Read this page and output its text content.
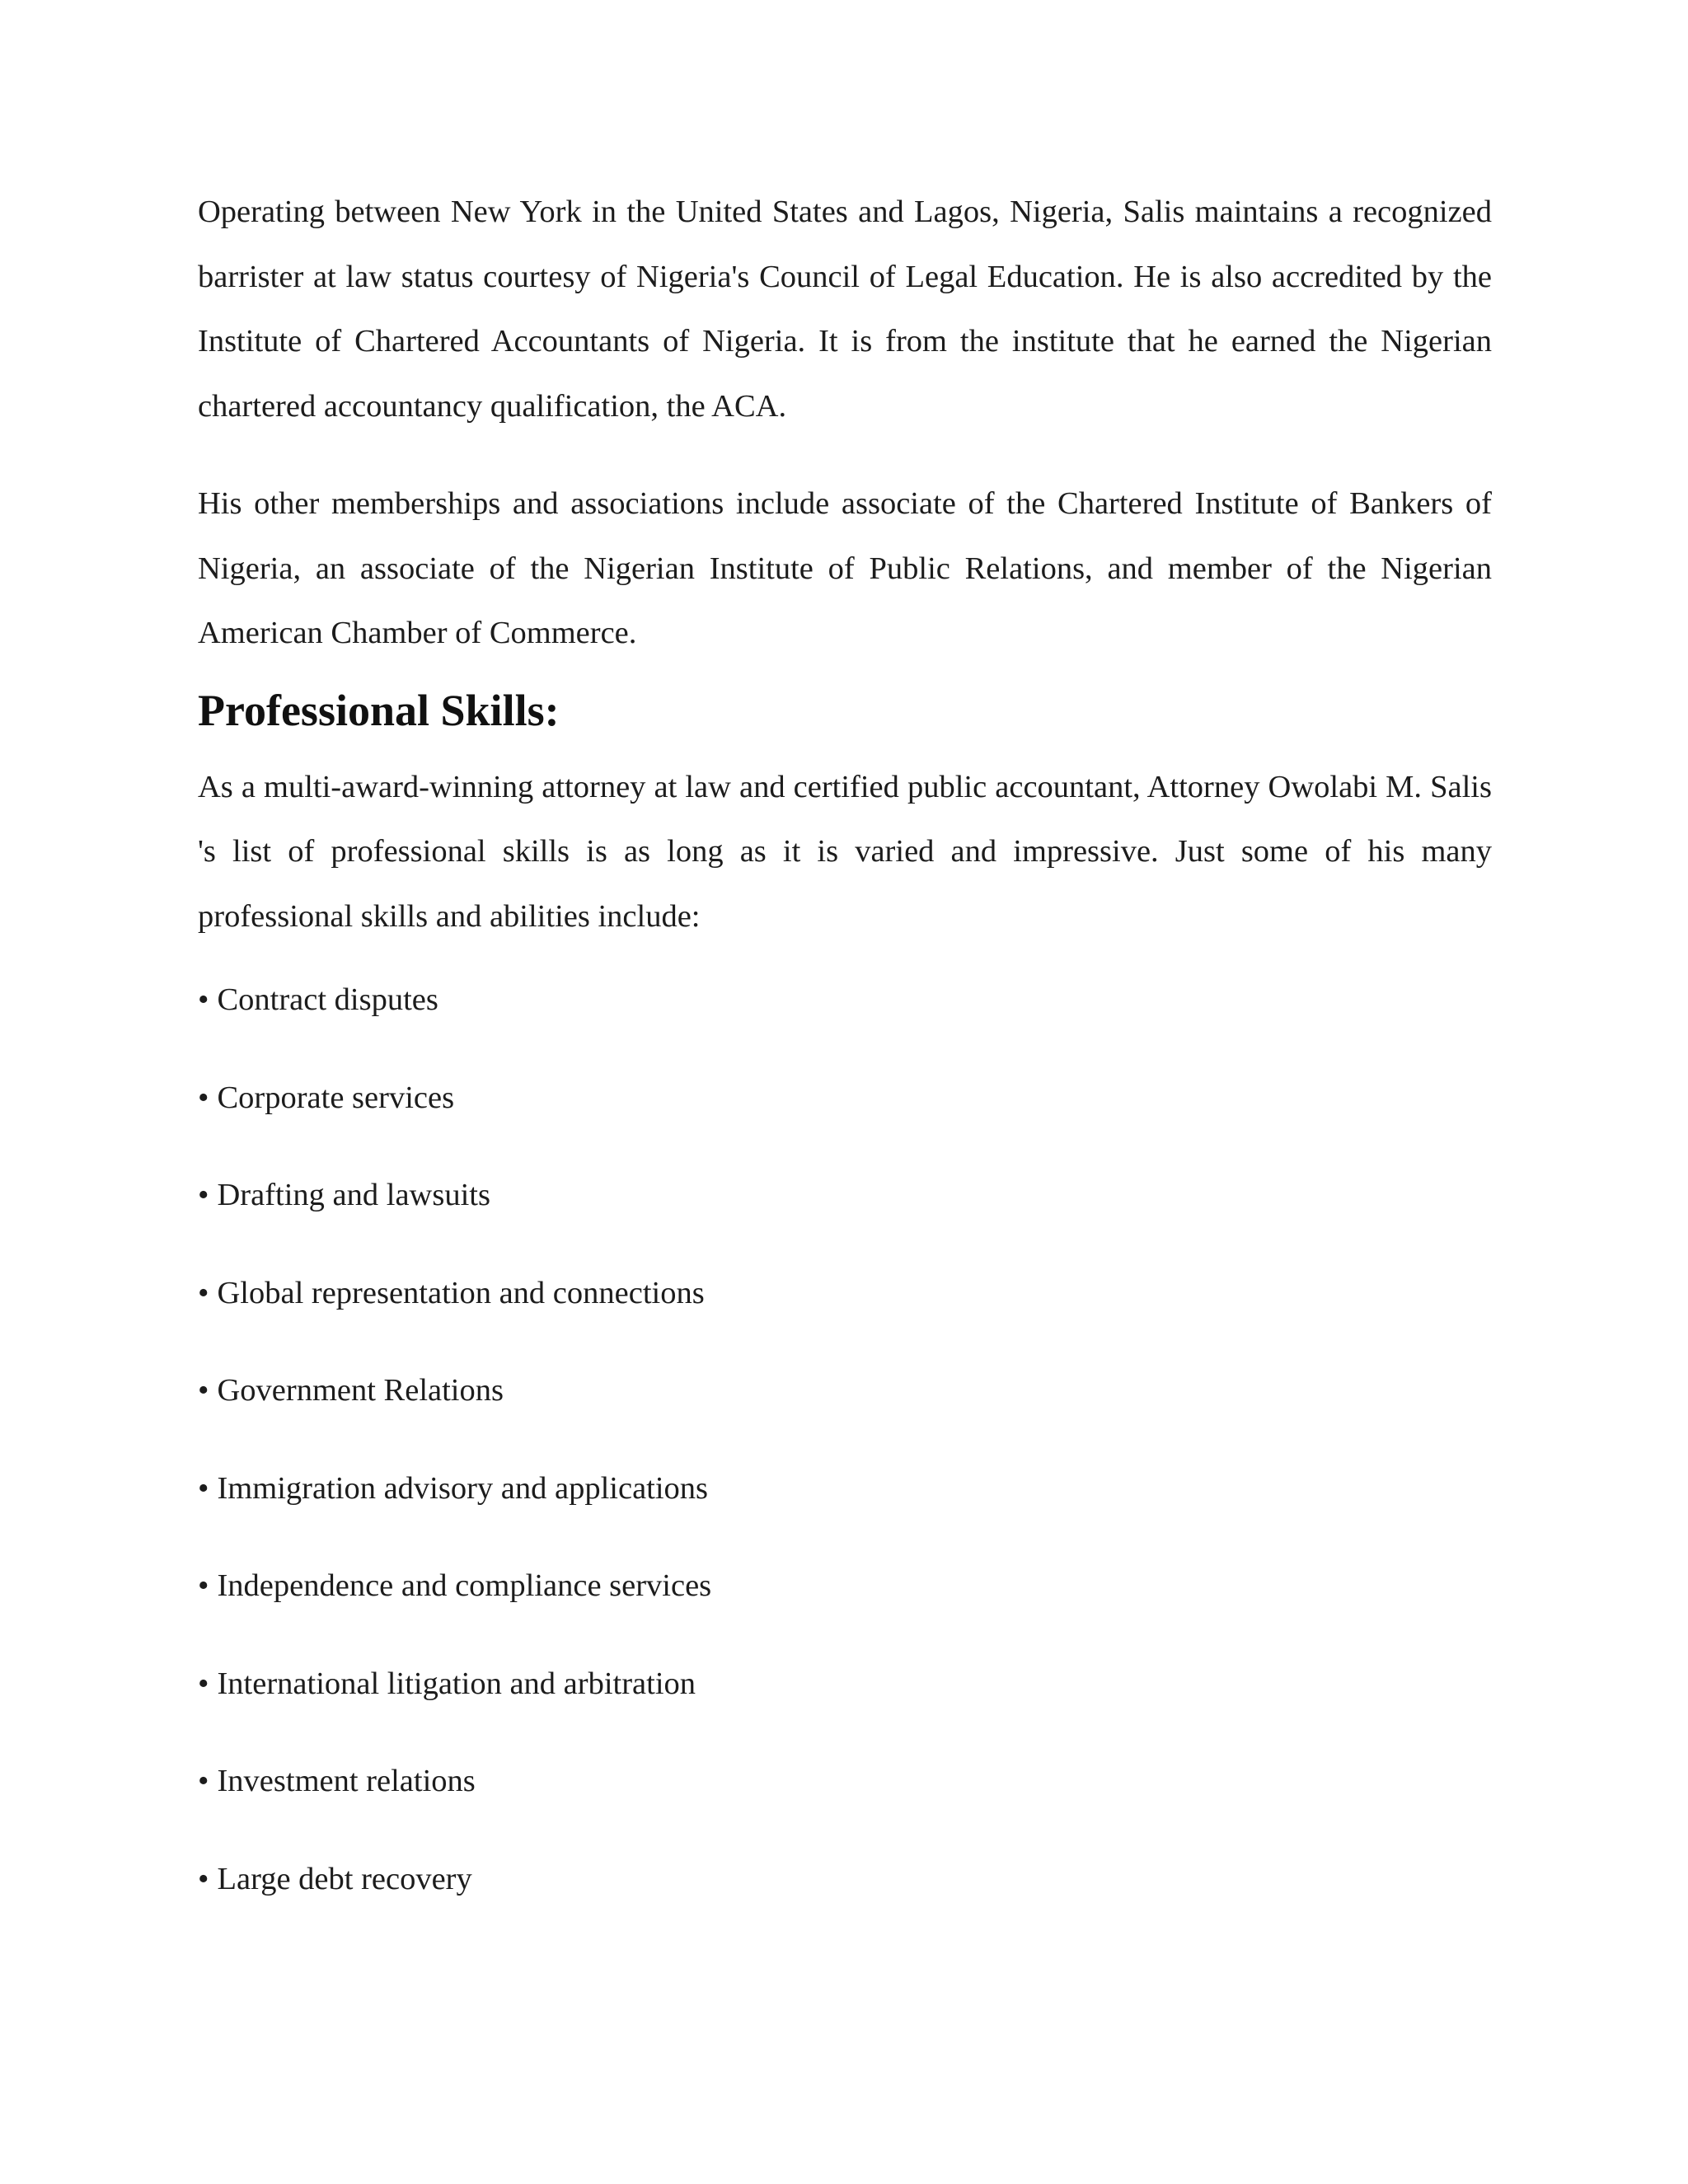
Operating between New York in the United States and Lagos, Nigeria, Salis maintains a recognized barrister at law status courtesy of Nigeria's Council of Legal Education. He is also accredited by the Institute of Chartered Accountants of Nigeria. It is from the institute that he earned the Nigerian chartered accountancy qualification, the ACA.

His other memberships and associations include associate of the Chartered Institute of Bankers of Nigeria, an associate of the Nigerian Institute of Public Relations, and member of the Nigerian American Chamber of Commerce.

Professional Skills:

As a multi-award-winning attorney at law and certified public accountant, Attorney Owolabi M. Salis 's list of professional skills is as long as it is varied and impressive. Just some of his many professional skills and abilities include:

• Contract disputes
• Corporate services
• Drafting and lawsuits
• Global representation and connections
• Government Relations
• Immigration advisory and applications
• Independence and compliance services
• International litigation and arbitration
• Investment relations
• Large debt recovery
